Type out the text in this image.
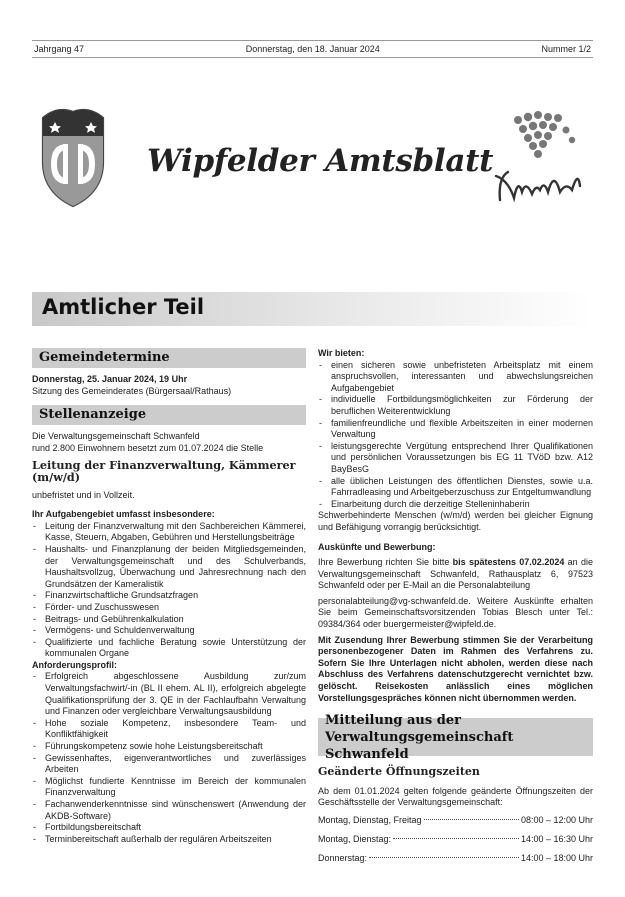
Jahrgang 47	Donnerstag, den 18. Januar 2024	Nummer 1/2
Wipfelder Amtsblatt
Amtlicher Teil
Gemeindetermine

Donnerstag, 25. Januar 2024, 19 Uhr

Sitzung des Gemeinderates (Bürgersaal/Rathaus)

Stellenanzeige

Die Verwaltungsgemeinschaft Schwanfeld

rund 2.800 Einwohnern besetzt zum 01.07.2024 die Stelle

Leitung der Finanzverwaltung, Kämmerer (m/w/d)

unbefristet und in Vollzeit.

Ihr Aufgabengebiet umfasst insbesondere:

- Leitung der Finanzverwaltung mit den Sachbereichen Kämmerei, Kasse, Steuern, Abgaben, Gebühren und Herstellungsbeiträge
- Haushalts- und Finanzplanung der beiden Mitgliedsgemeinden, der Verwaltungsgemeinschaft und des Schulverbands, Haushaltsvollzug, Überwachung und Jahresrechnung nach den Grundsätzen der Kameralistik
- Finanzwirtschaftliche Grundsatzfragen
- Förder- und Zuschusswesen
- Beitrags- und Gebührenkalkulation
- Vermögens- und Schuldenverwaltung
- Qualifizierte und fachliche Beratung sowie Unterstützung der kommunalen Organe

Anforderungsprofil:

- Erfolgreich abgeschlossene Ausbildung zur/zum Verwaltungsfachwirt/-in (BL II ehem. AL II), erfolgreich abgelegte Qualifikationsprüfung der 3. QE in der Fachlaufbahn Verwaltung und Finanzen oder vergleichbare Verwaltungsausbildung
- Hohe soziale Kompetenz, insbesondere Team- und Konfliktfähigkeit
- Führungskompetenz sowie hohe Leistungsbereitschaft
- Gewissenhaftes, eigenverantwortliches und zuverlässiges Arbeiten
- Möglichst fundierte Kenntnisse im Bereich der kommunalen Finanzverwaltung
- Fachanwenderkenntnisse sind wünschenswert (Anwendung der AKDB-Software)
- Fortbildungsbereitschaft
- Terminbereitschaft außerhalb der regulären Arbeitszeiten

Wir bieten:

- einen sicheren sowie unbefristeten Arbeitsplatz mit einem anspruchsvollen, interessanten und abwechslungsreichen Aufgabengebiet
- individuelle Fortbildungsmöglichkeiten zur Förderung der beruflichen Weiterentwicklung
- familienfreundliche und flexible Arbeitszeiten in einer modernen Verwaltung
- leistungsgerechte Vergütung entsprechend Ihrer Qualifikationen und persönlichen Voraussetzungen bis EG 11 TVöD bzw. A12 BayBesG
- alle üblichen Leistungen des öffentlichen Dienstes, sowie u.a. Fahrradleasing und Arbeitgeberzuschuss zur Entgeltumwandlung
- Einarbeitung durch die derzeitige Stelleninhaberin

Schwerbehinderte Menschen (w/m/d) werden bei gleicher Eignung und Befähigung vorrangig berücksichtigt.

Auskünfte und Bewerbung:

Ihre Bewerbung richten Sie bitte bis spätestens 07.02.2024 an die Verwaltungsgemeinschaft Schwanfeld, Rathausplatz 6, 97523 Schwanfeld oder per E-Mail an die Personalabteilung

personalabteilung@vg-schwanfeld.de. Weitere Auskünfte erhalten Sie beim Gemeinschaftsvorsitzenden Tobias Blesch unter Tel.: 09384/364 oder buergermeister@wipfeld.de.

Mit Zusendung Ihrer Bewerbung stimmen Sie der Verarbeitung personenbezogener Daten im Rahmen des Verfahrens zu. Sofern Sie Ihre Unterlagen nicht abholen, werden diese nach Abschluss des Verfahrens datenschutzgerecht vernichtet bzw. gelöscht. Reisekosten anlässlich eines möglichen Vorstellungsgespräches können nicht übernommen werden.

Mitteilung aus der
Verwaltungsgemeinschaft Schwanfeld
Geänderte Öffnungszeiten

Ab dem 01.01.2024 gelten folgende geänderte Öffnungszeiten der Geschäftsstelle der Verwaltungsgemeinschaft:

Montag, Dienstag, Freitag	08:00 – 12:00 Uhr
Montag, Dienstag:	14:00 – 16:30 Uhr
Donnerstag:	14:00 – 18:00 Uhr
